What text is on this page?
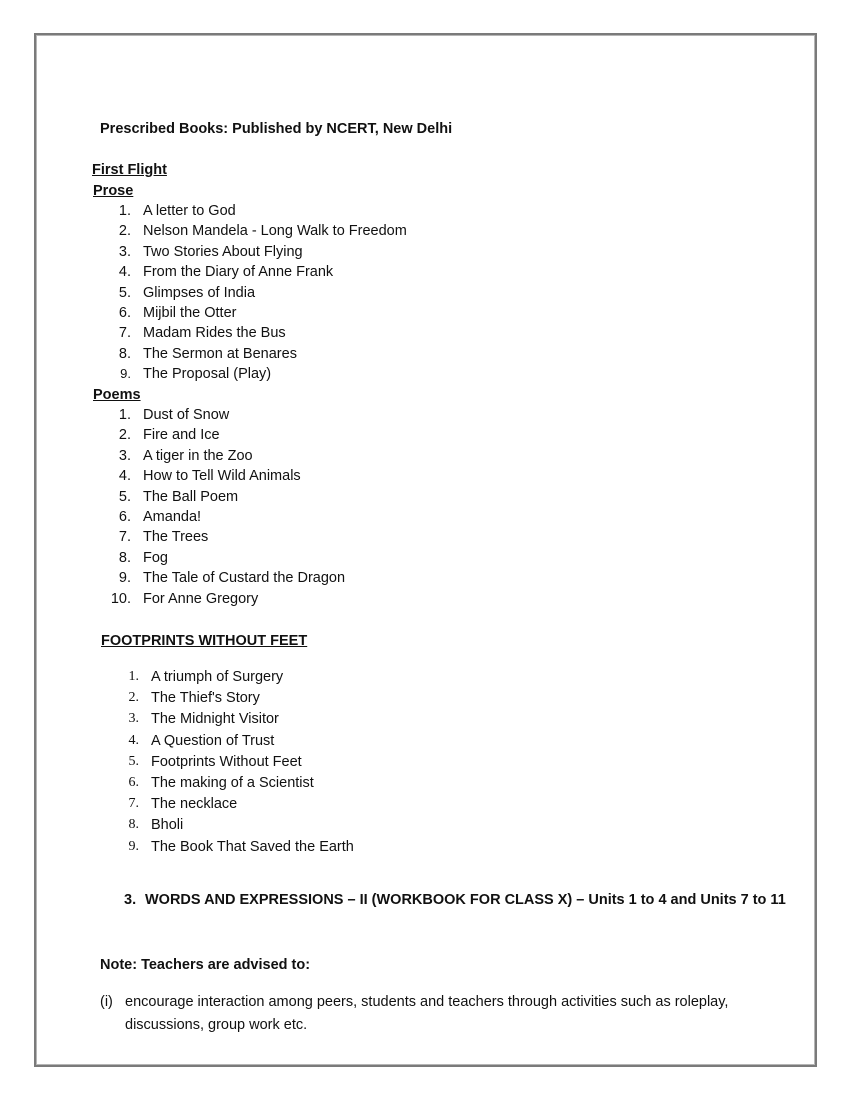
Prescribed Books: Published by NCERT, New Delhi
First Flight
Prose
1. A letter to God
2. Nelson Mandela - Long Walk to Freedom
3. Two Stories About Flying
4. From the Diary of Anne Frank
5. Glimpses of India
6. Mijbil the Otter
7. Madam Rides the Bus
8. The Sermon at Benares
9. The Proposal (Play)
Poems
1. Dust of Snow
2. Fire and Ice
3. A tiger in the Zoo
4. How to Tell Wild Animals
5. The Ball Poem
6. Amanda!
7. The Trees
8. Fog
9. The Tale of Custard the Dragon
10. For Anne Gregory
FOOTPRINTS WITHOUT FEET
1. A triumph of Surgery
2. The Thief's Story
3. The Midnight Visitor
4. A Question of Trust
5. Footprints Without Feet
6. The making of a Scientist
7. The necklace
8. Bholi
9. The Book That Saved the Earth
3. WORDS AND EXPRESSIONS – II (WORKBOOK FOR CLASS X) – Units 1 to 4 and Units 7 to 11
Note: Teachers are advised to:
(i) encourage interaction among peers, students and teachers through activities such as roleplay,
discussions, group work etc.
